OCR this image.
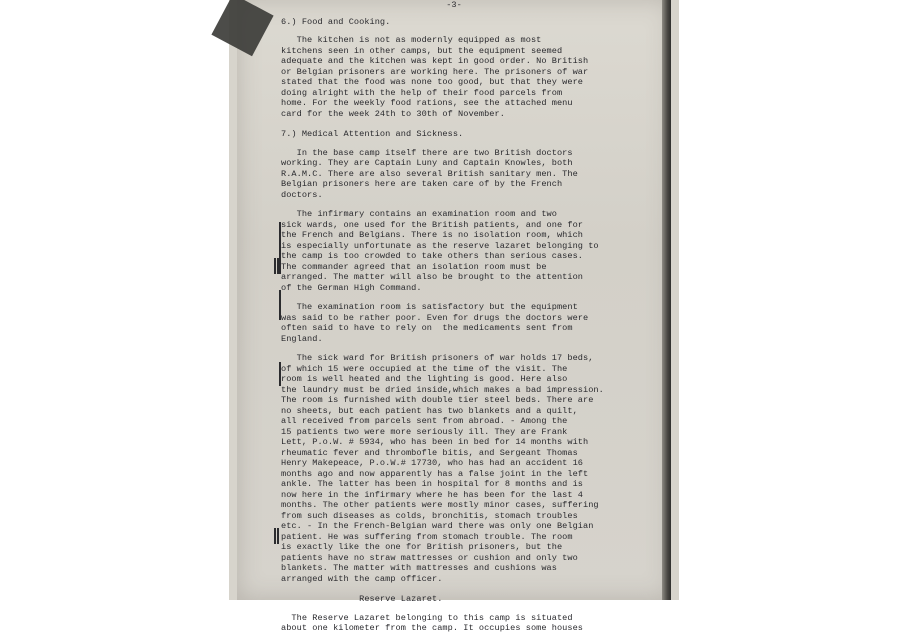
-3-
6.) Food and Cooking.
The kitchen is not as modernly equipped as most
kitchens seen in other camps, but the equipment seemed
adequate and the kitchen was kept in good order. No British
or Belgian prisoners are working here. The prisoners of war
stated that the food was none too good, but that they were
doing alright with the help of their food parcels from
home. For the weekly food rations, see the attached menu
card for the week 24th to 30th of November.
7.) Medical Attention and Sickness.
In the base camp itself there are two British doctors
working. They are Captain Luny and Captain Knowles, both
R.A.M.C. There are also several British sanitary men. The
Belgian prisoners here are taken care of by the French
doctors.
The infirmary contains an examination room and two
sick wards, one used for the British patients, and one for
the French and Belgians. There is no isolation room, which
is especially unfortunate as the reserve lazaret belonging to
the camp is too crowded to take others than serious cases.
The commander agreed that an isolation room must be
arranged. The matter will also be brought to the attention
of the German High Command.
The examination room is satisfactory but the equipment
was said to be rather poor. Even for drugs the doctors were
often said to have to rely on  the medicaments sent from
England.
The sick ward for British prisoners of war holds 17 beds,
of which 15 were occupied at the time of the visit. The
room is well heated and the lighting is good. Here also
the laundry must be dried inside,which makes a bad impression.
The room is furnished with double tier steel beds. There are
no sheets, but each patient has two blankets and a quilt,
all received from parcels sent from abroad. - Among the
15 patients two were more seriously ill. They are Frank
Lett, P.o.W. # 5934, who has been in bed for 14 months with
rheumatic fever and thrombofle bitis, and Sergeant Thomas
Henry Makepeace, P.o.W.# 17730, who has had an accident 16
months ago and now apparently has a false joint in the left
ankle. The latter has been in hospital for 8 months and is
now here in the infirmary where he has been for the last 4
months. The other patients were mostly minor cases, suffering
from such diseases as colds, bronchitis, stomach troubles
etc. - In the French-Belgian ward there was only one Belgian
patient. He was suffering from stomach trouble. The room
is exactly like the one for British prisoners, but the
patients have no straw mattresses or cushion and only two
blankets. The matter with mattresses and cushions was
arranged with the camp officer.
Reserve Lazaret.
The Reserve Lazaret belonging to this camp is situated
about one kilometer from the camp. It occupies some houses
